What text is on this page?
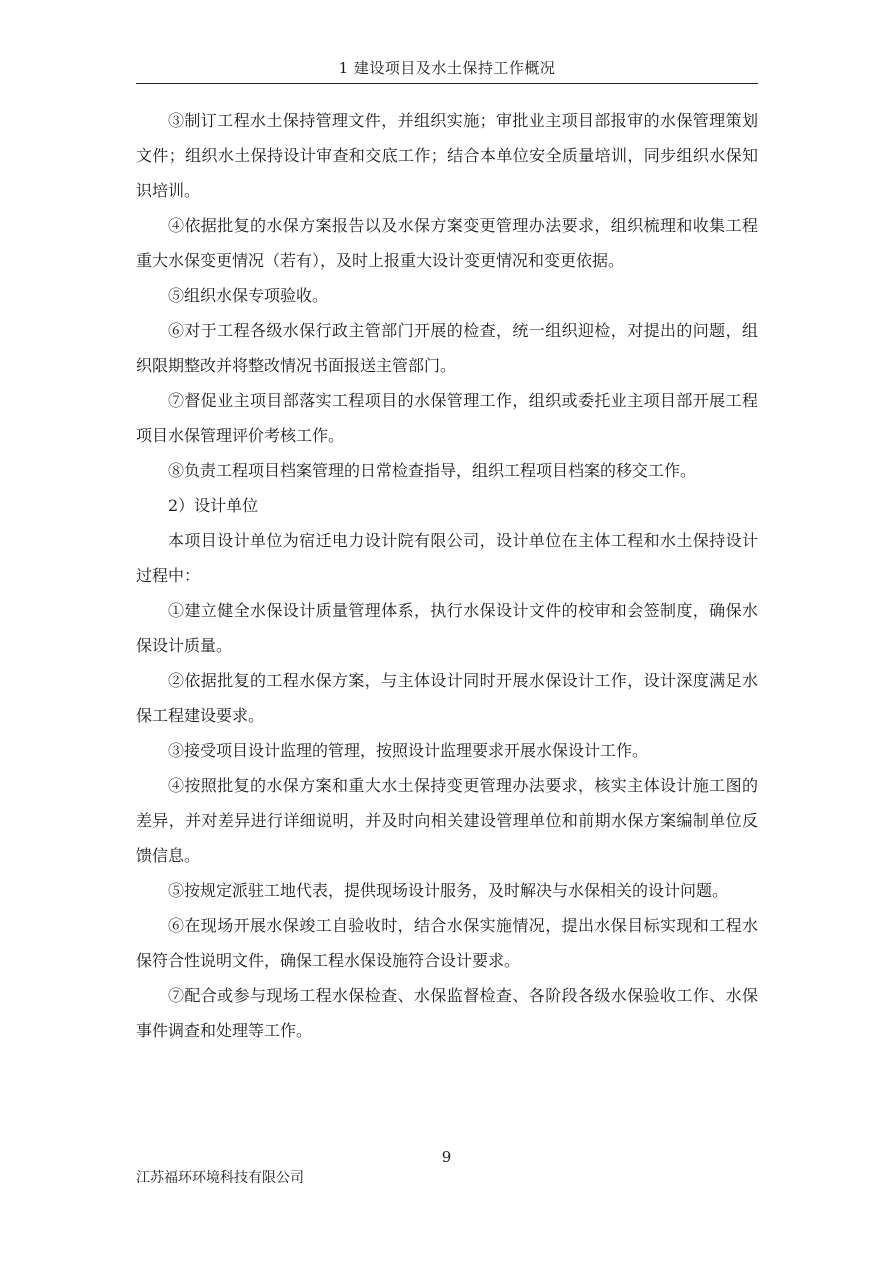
1 建设项目及水土保持工作概况

③制订工程水土保持管理文件，并组织实施；审批业主项目部报审的水保管理策划文件；组织水土保持设计审查和交底工作；结合本单位安全质量培训，同步组织水保知识培训。

④依据批复的水保方案报告以及水保方案变更管理办法要求，组织梳理和收集工程重大水保变更情况（若有），及时上报重大设计变更情况和变更依据。

⑤组织水保专项验收。

⑥对于工程各级水保行政主管部门开展的检查，统一组织迎检，对提出的问题，组织限期整改并将整改情况书面报送主管部门。

⑦督促业主项目部落实工程项目的水保管理工作，组织或委托业主项目部开展工程项目水保管理评价考核工作。

⑧负责工程项目档案管理的日常检查指导，组织工程项目档案的移交工作。

2）设计单位

本项目设计单位为宿迁电力设计院有限公司，设计单位在主体工程和水土保持设计过程中：

①建立健全水保设计质量管理体系，执行水保设计文件的校审和会签制度，确保水保设计质量。

②依据批复的工程水保方案，与主体设计同时开展水保设计工作，设计深度满足水保工程建设要求。

③接受项目设计监理的管理，按照设计监理要求开展水保设计工作。

④按照批复的水保方案和重大水土保持变更管理办法要求，核实主体设计施工图的差异，并对差异进行详细说明，并及时向相关建设管理单位和前期水保方案编制单位反馈信息。

⑤按规定派驻工地代表，提供现场设计服务，及时解决与水保相关的设计问题。

⑥在现场开展水保竣工自验收时，结合水保实施情况，提出水保目标实现和工程水保符合性说明文件，确保工程水保设施符合设计要求。

⑦配合或参与现场工程水保检查、水保监督检查、各阶段各级水保验收工作、水保事件调查和处理等工作。

9
江苏福环环境科技有限公司
